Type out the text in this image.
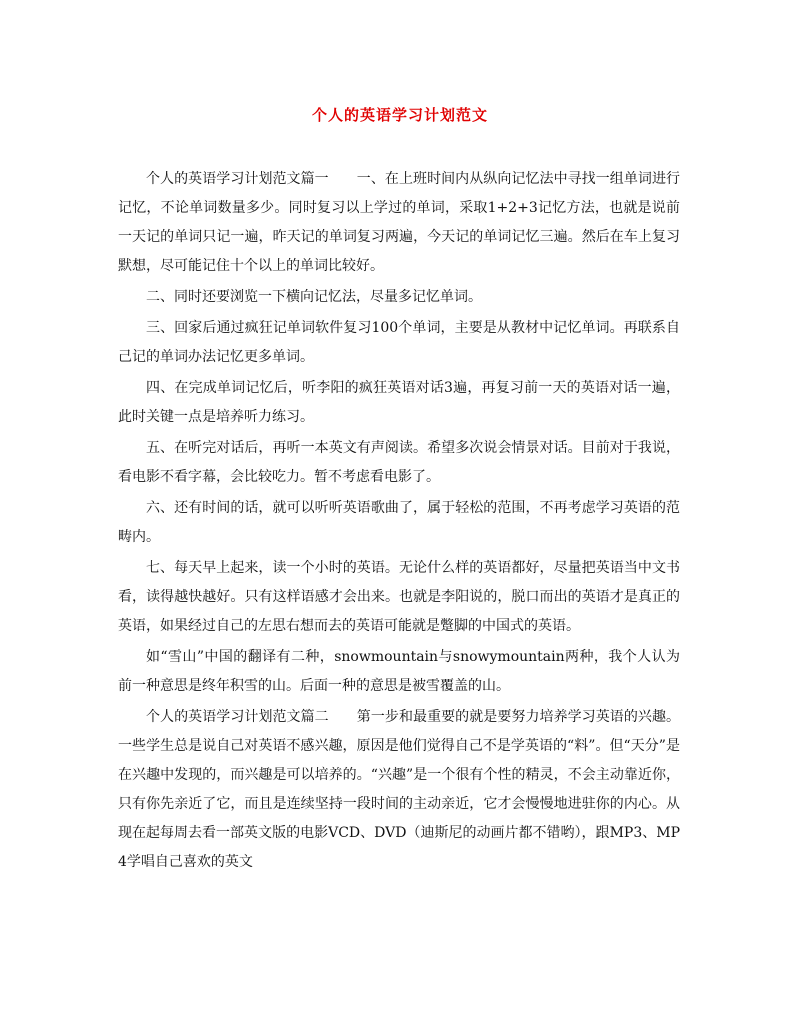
个人的英语学习计划范文

个人的英语学习计划范文篇一 一、在上班时间内从纵向记忆法中寻找一组单词进行记忆，不论单词数量多少。同时复习以上学过的单词，采取1+2+3记忆方法，也就是说前一天记的单词只记一遍，昨天记的单词复习两遍，今天记的单词记忆三遍。然后在车上复习默想，尽可能记住十个以上的单词比较好。

二、同时还要浏览一下横向记忆法，尽量多记忆单词。

三、回家后通过疯狂记单词软件复习100个单词，主要是从教材中记忆单词。再联系自己记的单词办法记忆更多单词。

四、在完成单词记忆后，听李阳的疯狂英语对话3遍，再复习前一天的英语对话一遍，此时关键一点是培养听力练习。

五、在听完对话后，再听一本英文有声阅读。希望多次说会情景对话。目前对于我说，看电影不看字幕，会比较吃力。暂不考虑看电影了。

六、还有时间的话，就可以听听英语歌曲了，属于轻松的范围，不再考虑学习英语的范畴内。

七、每天早上起来，读一个小时的英语。无论什么样的英语都好，尽量把英语当中文书看，读得越快越好。只有这样语感才会出来。也就是李阳说的，脱口而出的英语才是真正的英语，如果经过自己的左思右想而去的英语可能就是蹩脚的中国式的英语。

如“雪山”中国的翻译有二种，snowmountain与snowymountain两种，我个人认为前一种意思是终年积雪的山。后面一种的意思是被雪覆盖的山。

个人的英语学习计划范文篇二 第一步和最重要的就是要努力培养学习英语的兴趣。一些学生总是说自己对英语不感兴趣，原因是他们觉得自己不是学英语的“料”。但“天分”是在兴趣中发现的，而兴趣是可以培养的。“兴趣”是一个很有个性的精灵，不会主动靠近你，只有你先亲近了它，而且是连续坚持一段时间的主动亲近，它才会慢慢地进驻你的内心。从现在起每周去看一部英文版的电影VCD、DVD（迪斯尼的动画片都不错哟），跟MP3、MP4学唱自己喜欢的英文
